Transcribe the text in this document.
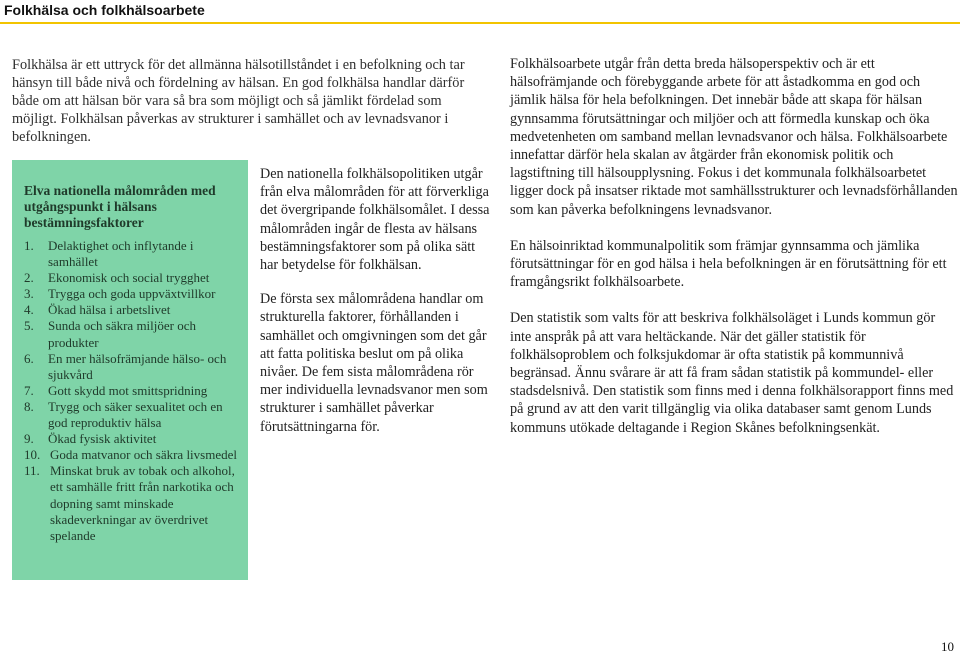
Folkhälsa och folkhälsoarbete
Folkhälsa är ett uttryck för det allmänna hälsotillståndet i en befolkning och tar hänsyn till både nivå och fördelning av hälsan. En god folkhälsa handlar därför både om att hälsan bör vara så bra som möjligt och så jämlikt fördelad som möjligt. Folkhälsan påverkas av strukturer i samhället och av levnadsvanor i befolkningen.
Elva nationella målområden med utgångspunkt i hälsans bestämningsfaktorer
1.	Delaktighet och inflytande i samhället
2.	Ekonomisk och social trygghet
3.	Trygga och goda uppväxtvillkor
4.	Ökad hälsa i arbetslivet
5.	Sunda och säkra miljöer och produkter
6.	En mer hälsofrämjande hälso- och sjukvård
7.	Gott skydd mot smittspridning
8.	Trygg och säker sexualitet och en god reproduktiv hälsa
9.	Ökad fysisk aktivitet
10. Goda matvanor och säkra livsmedel
11. Minskat bruk av tobak och alkohol, ett samhälle fritt från narkotika och dopning samt minskade skadeverkningar av överdrivet spelande

Den nationella folkhälsopolitiken utgår från elva målområden för att förverkliga det övergripande folkhälsomålet. I dessa målområden ingår de flesta av hälsans bestämningsfaktorer som på olika sätt har betydelse för folkhälsan.

De första sex målområdena handlar om strukturella faktorer, förhållanden i samhället och omgivningen som det går att fatta politiska beslut om på olika nivåer. De fem sista målområdena rör mer individuella levnadsvanor men som strukturer i samhället påverkar förutsättningarna för.

Folkhälsoarbete utgår från detta breda hälsoperspektiv och är ett hälsofrämjande och förebyggande arbete för att åstadkomma en god och jämlik hälsa för hela befolkningen. Det innebär både att skapa för hälsan gynnsamma förutsättningar och miljöer och att förmedla kunskap och öka medvetenheten om samband mellan levnadsvanor och hälsa. Folkhälsoarbete innefattar därför hela skalan av åtgärder från ekonomisk politik och lagstiftning till hälsoupplysning. Fokus i det kommunala folkhälsoarbetet ligger dock på insatser riktade mot samhällsstrukturer och levnadsförhållanden som kan påverka befolkningens levnadsvanor.

En hälsoinriktad kommunalpolitik som främjar gynnsamma och jämlika förutsättningar för en god hälsa i hela befolkningen är en förutsättning för ett framgångsrikt folkhälsoarbete.

Den statistik som valts för att beskriva folkhälsoläget i Lunds kommun gör inte anspråk på att vara heltäckande. När det gäller statistik för folkhälsoproblem och folksjukdomar är ofta statistik på kommunnivå begränsad. Ännu svårare är att få fram sådan statistik på kommundel- eller stadsdelsnivå. Den statistik som finns med i denna folkhälsorapport finns med på grund av att den varit tillgänglig via olika databaser samt genom Lunds kommuns utökade deltagande i Region Skånes befolkningsenkät.

10
